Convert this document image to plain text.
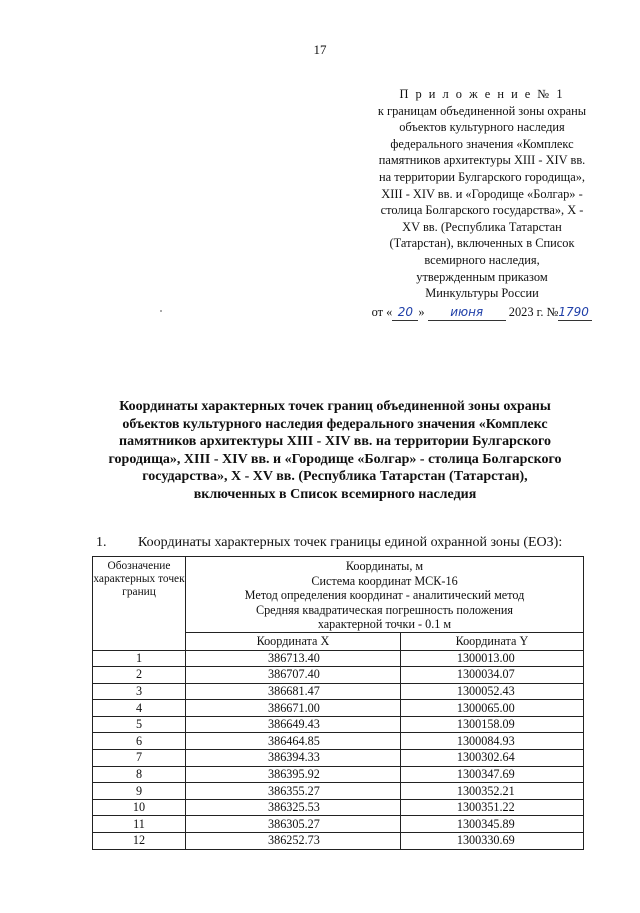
17
П р и л о ж е н и е № 1
к границам объединенной зоны охраны
объектов культурного наследия
федерального значения «Комплекс
памятников архитектуры XIII - XIV вв.
на территории Булгарского городища»,
XIII - XIV вв. и «Городище «Болгар» -
столица Болгарского государства», X -
XV вв. (Республика Татарстан
(Татарстан), включенных в Список
всемирного наследия,
утвержденным приказом
Минкультуры России
от « 20 » июня 2023 г. №1790
Координаты характерных точек границ объединенной зоны охраны объектов культурного наследия федерального значения «Комплекс памятников архитектуры XIII - XIV вв. на территории Булгарского городища», XIII - XIV вв. и «Городище «Болгар» - столица Болгарского государства», X - XV вв. (Республика Татарстан (Татарстан), включенных в Список всемирного наследия
1. Координаты характерных точек границы единой охранной зоны (ЕОЗ):
Обозначение характерных точек границ	Координаты, м
Система координат МСК-16
Метод определения координат - аналитический метод
Средняя квадратическая погрешность положения
характерной точки - 0.1 м	

	Координата X	Координата Y
1	386713.40	1300013.00
2	386707.40	1300034.07
3	386681.47	1300052.43
4	386671.00	1300065.00
5	386649.43	1300158.09
6	386464.85	1300084.93
7	386394.33	1300302.64
8	386395.92	1300347.69
9	386355.27	1300352.21
10	386325.53	1300351.22
11	386305.27	1300345.89
12	386252.73	1300330.69
